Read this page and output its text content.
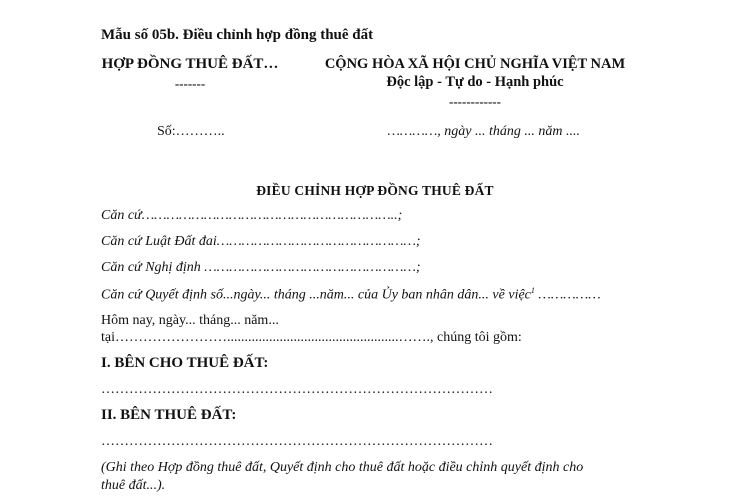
Mẫu số 05b. Điều chỉnh hợp đồng thuê đất
HỢP ĐỒNG THUÊ ĐẤT…
-------
CỘNG HÒA XÃ HỘI CHỦ NGHĨA VIỆT NAM
Độc lập - Tự do - Hạnh phúc
------------
Số:………..	…………, ngày ... tháng ... năm ....
ĐIỀU CHỈNH HỢP ĐỒNG THUÊ ĐẤT
Căn cứ……………………………………………………..;
Căn cứ Luật Đất đai…………………………………………;
Căn cứ Nghị định ……………………………………………;
Căn cứ Quyết định số...ngày... tháng ...năm... của Ủy ban nhân dân... về việc$^1$ ……………
Hôm nay, ngày... tháng... năm...
tại…………………….................................................……., chúng tôi gồm:
I. BÊN CHO THUÊ ĐẤT:
…………………………………………………………………………
II. BÊN THUÊ ĐẤT:
…………………………………………………………………………
(Ghi theo Hợp đồng thuê đất, Quyết định cho thuê đất hoặc điều chỉnh quyết định cho
thuê đất...).
